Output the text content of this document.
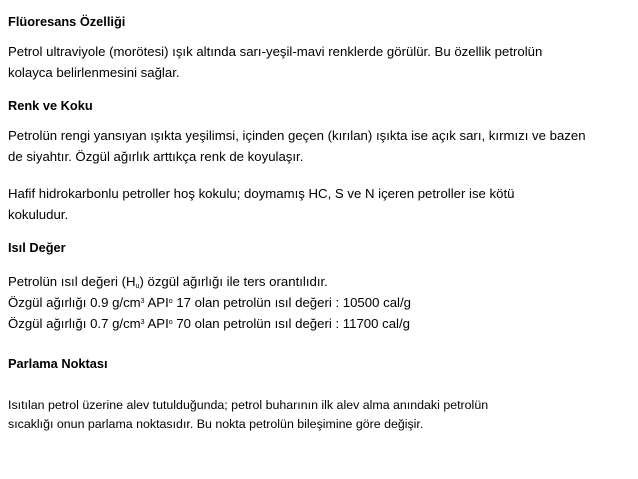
Flüoresans Özelliği
Petrol ultraviyole (morötesi) ışık altında sarı-yeşil-mavi renklerde görülür. Bu özellik petrolün
kolayca belirlenmesini sağlar.
Renk ve Koku
Petrolün rengi yansıyan ışıkta yeşilimsi, içinden geçen (kırılan) ışıkta ise açık sarı, kırmızı ve bazen
de siyahtır. Özgül ağırlık arttıkça renk de koyulaşır.
Hafif hidrokarbonlu petroller hoş kokulu; doymamış HC, S ve N içeren petroller ise kötü
kokuludur.
Isıl Değer
Petrolün ısıl değeri $(H_u)$ özgül ağırlığı ile ters orantılıdır.
Özgül ağırlığı 0.9 $g/cm^3$ API$^o$ 17 olan petrolün ısıl değeri : 10500 cal/g
Özgül ağırlığı 0.7 $g/cm^3$ API$^o$ 70 olan petrolün ısıl değeri : 11700 cal/g
Parlama Noktası
Isıtılan petrol üzerine alev tutulduğunda; petrol buharının ilk alev alma anındaki petrolün
sıcaklığı onun parlama noktasıdır. Bu nokta petrolün bileşimine göre değişir.
